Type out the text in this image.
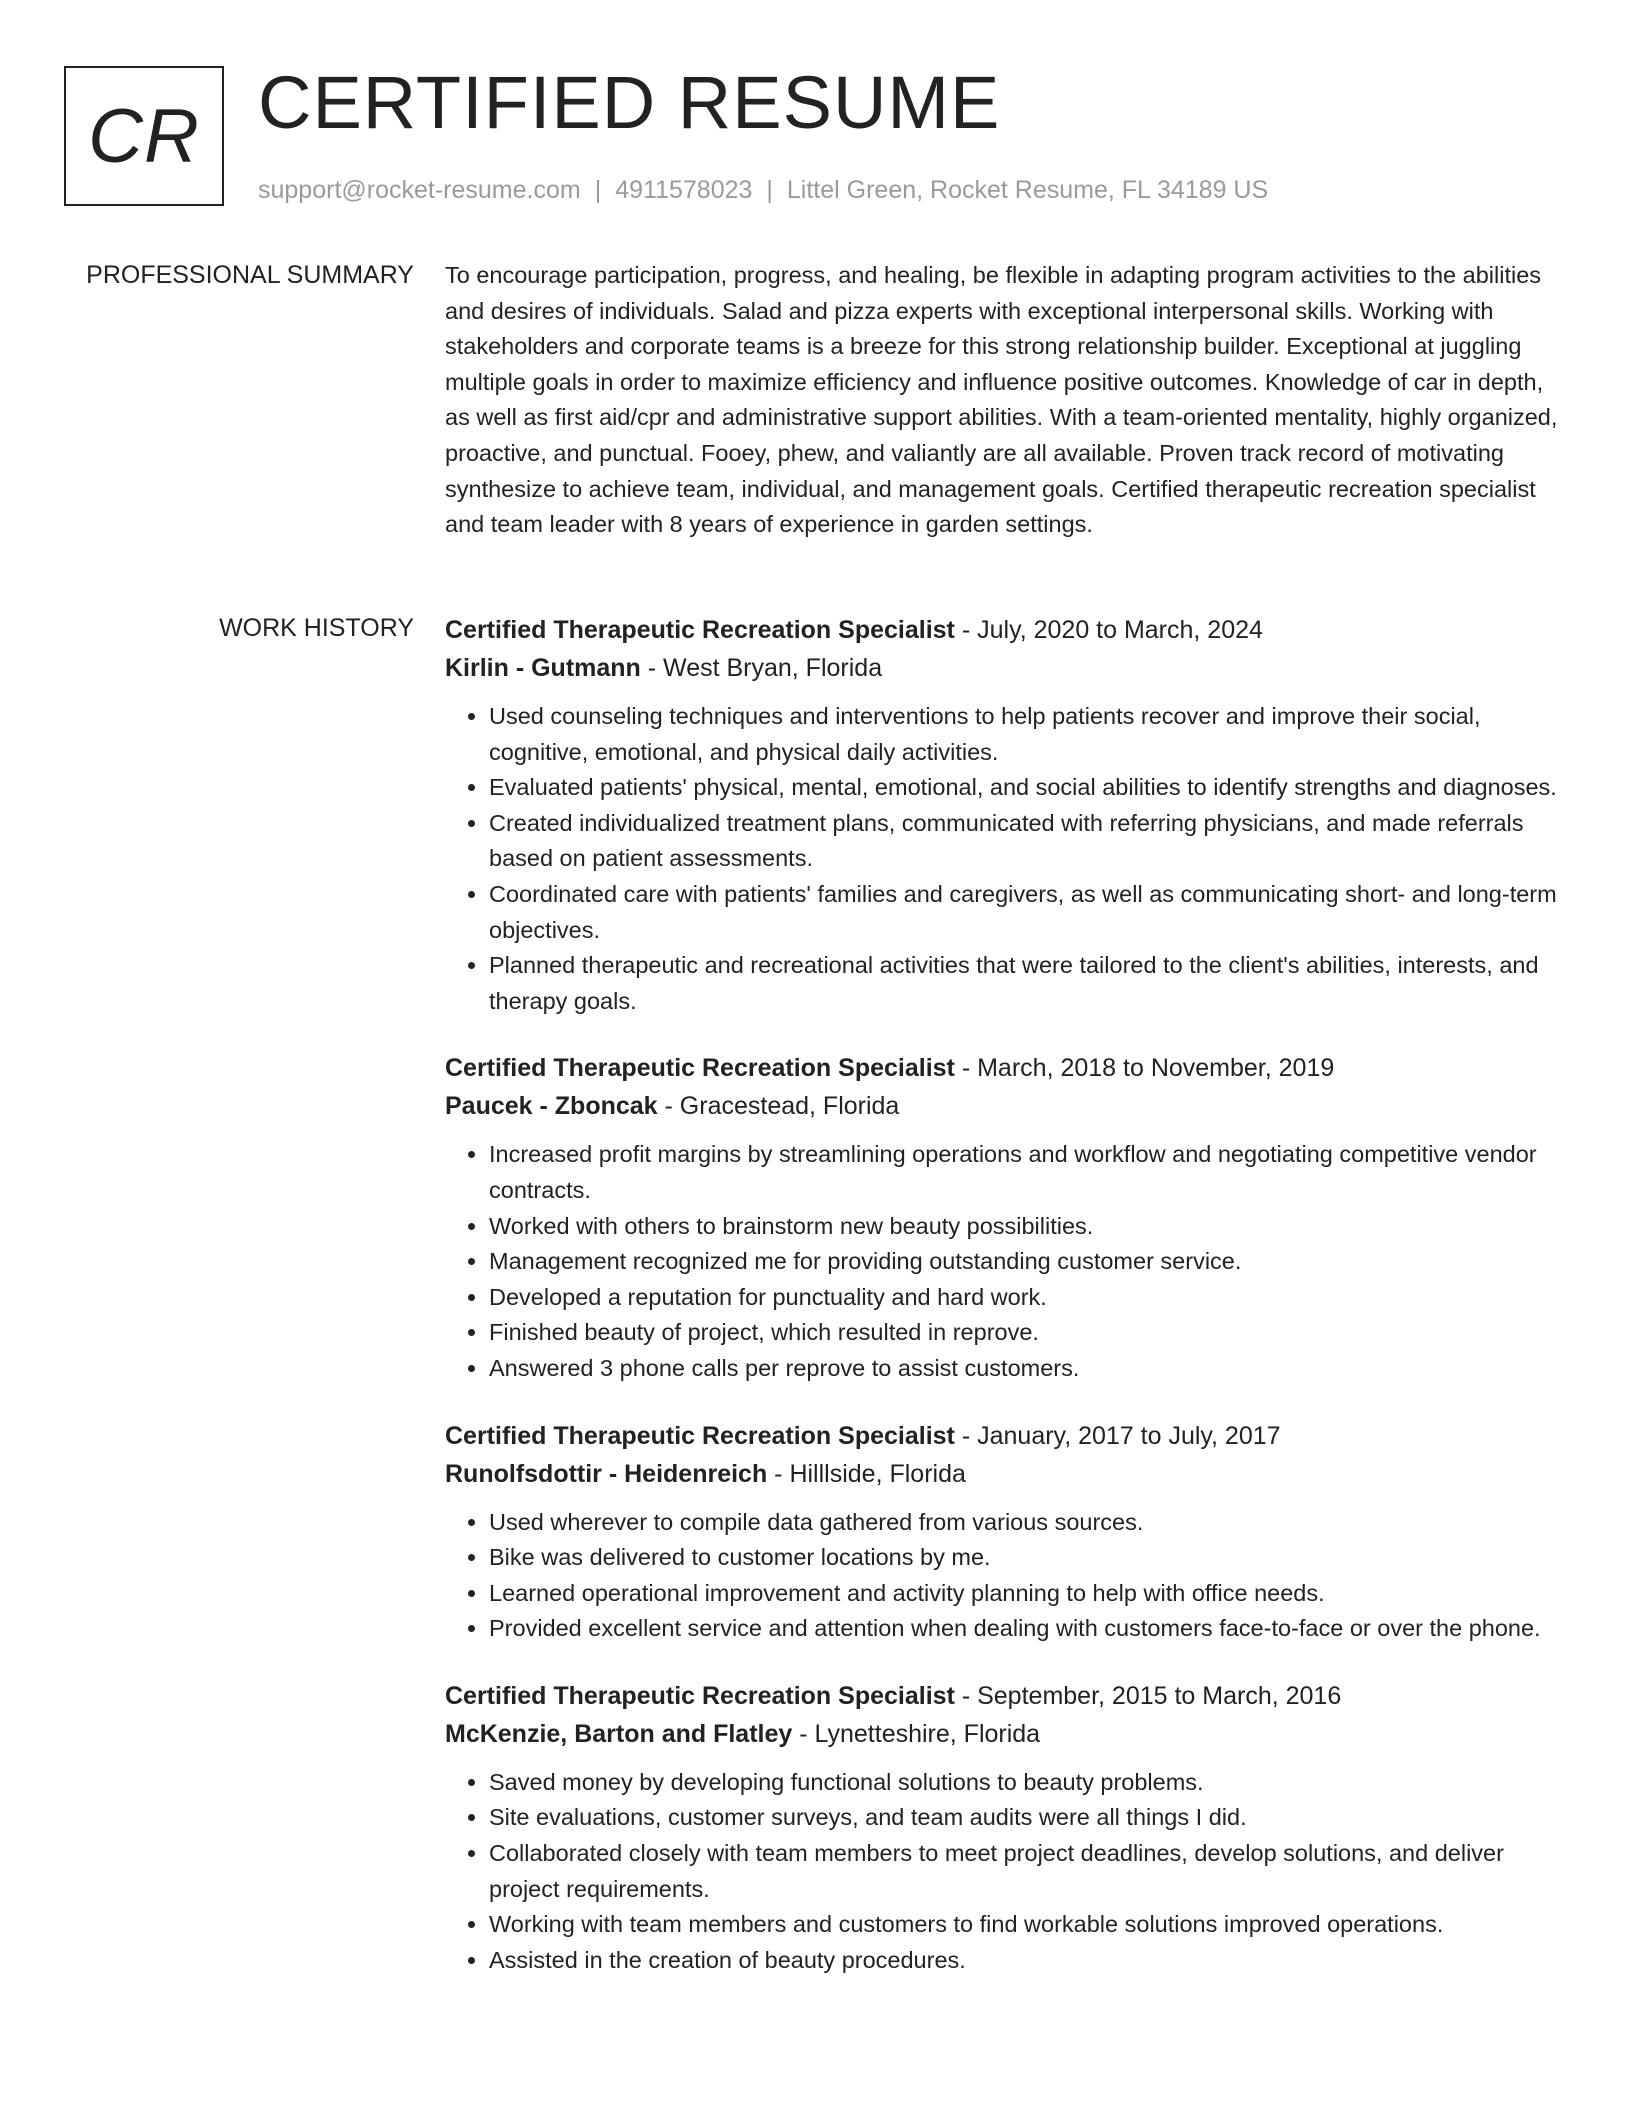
CR CERTIFIED RESUME
support@rocket-resume.com | 4911578023 | Littel Green, Rocket Resume, FL 34189 US
PROFESSIONAL SUMMARY To encourage participation, progress, and healing, be flexible in adapting program activities to the abilities and desires of individuals. Salad and pizza experts with exceptional interpersonal skills. Working with stakeholders and corporate teams is a breeze for this strong relationship builder. Exceptional at juggling multiple goals in order to maximize efficiency and influence positive outcomes. Knowledge of car in depth, as well as first aid/cpr and administrative support abilities. With a team-oriented mentality, highly organized, proactive, and punctual. Fooey, phew, and valiantly are all available. Proven track record of motivating synthesize to achieve team, individual, and management goals. Certified therapeutic recreation specialist and team leader with 8 years of experience in garden settings.

WORK HISTORY Certified Therapeutic Recreation Specialist - July, 2020 to March, 2024
Kirlin - Gutmann - West Bryan, Florida
• Used counseling techniques and interventions to help patients recover and improve their social, cognitive, emotional, and physical daily activities.
• Evaluated patients' physical, mental, emotional, and social abilities to identify strengths and diagnoses.
• Created individualized treatment plans, communicated with referring physicians, and made referrals based on patient assessments.
• Coordinated care with patients' families and caregivers, as well as communicating short- and long-term objectives.
• Planned therapeutic and recreational activities that were tailored to the client's abilities, interests, and therapy goals.
Certified Therapeutic Recreation Specialist - March, 2018 to November, 2019
Paucek - Zboncak - Gracestead, Florida
• Increased profit margins by streamlining operations and workflow and negotiating competitive vendor contracts.
• Worked with others to brainstorm new beauty possibilities.
• Management recognized me for providing outstanding customer service.
• Developed a reputation for punctuality and hard work.
• Finished beauty of project, which resulted in reprove.
• Answered 3 phone calls per reprove to assist customers.
Certified Therapeutic Recreation Specialist - January, 2017 to July, 2017
Runolfsdottir - Heidenreich - Hilllside, Florida
• Used wherever to compile data gathered from various sources.
• Bike was delivered to customer locations by me.
• Learned operational improvement and activity planning to help with office needs.
• Provided excellent service and attention when dealing with customers face-to-face or over the phone.
Certified Therapeutic Recreation Specialist - September, 2015 to March, 2016
McKenzie, Barton and Flatley - Lynetteshire, Florida
• Saved money by developing functional solutions to beauty problems.
• Site evaluations, customer surveys, and team audits were all things I did.
• Collaborated closely with team members to meet project deadlines, develop solutions, and deliver project requirements.
• Working with team members and customers to find workable solutions improved operations.
• Assisted in the creation of beauty procedures.
